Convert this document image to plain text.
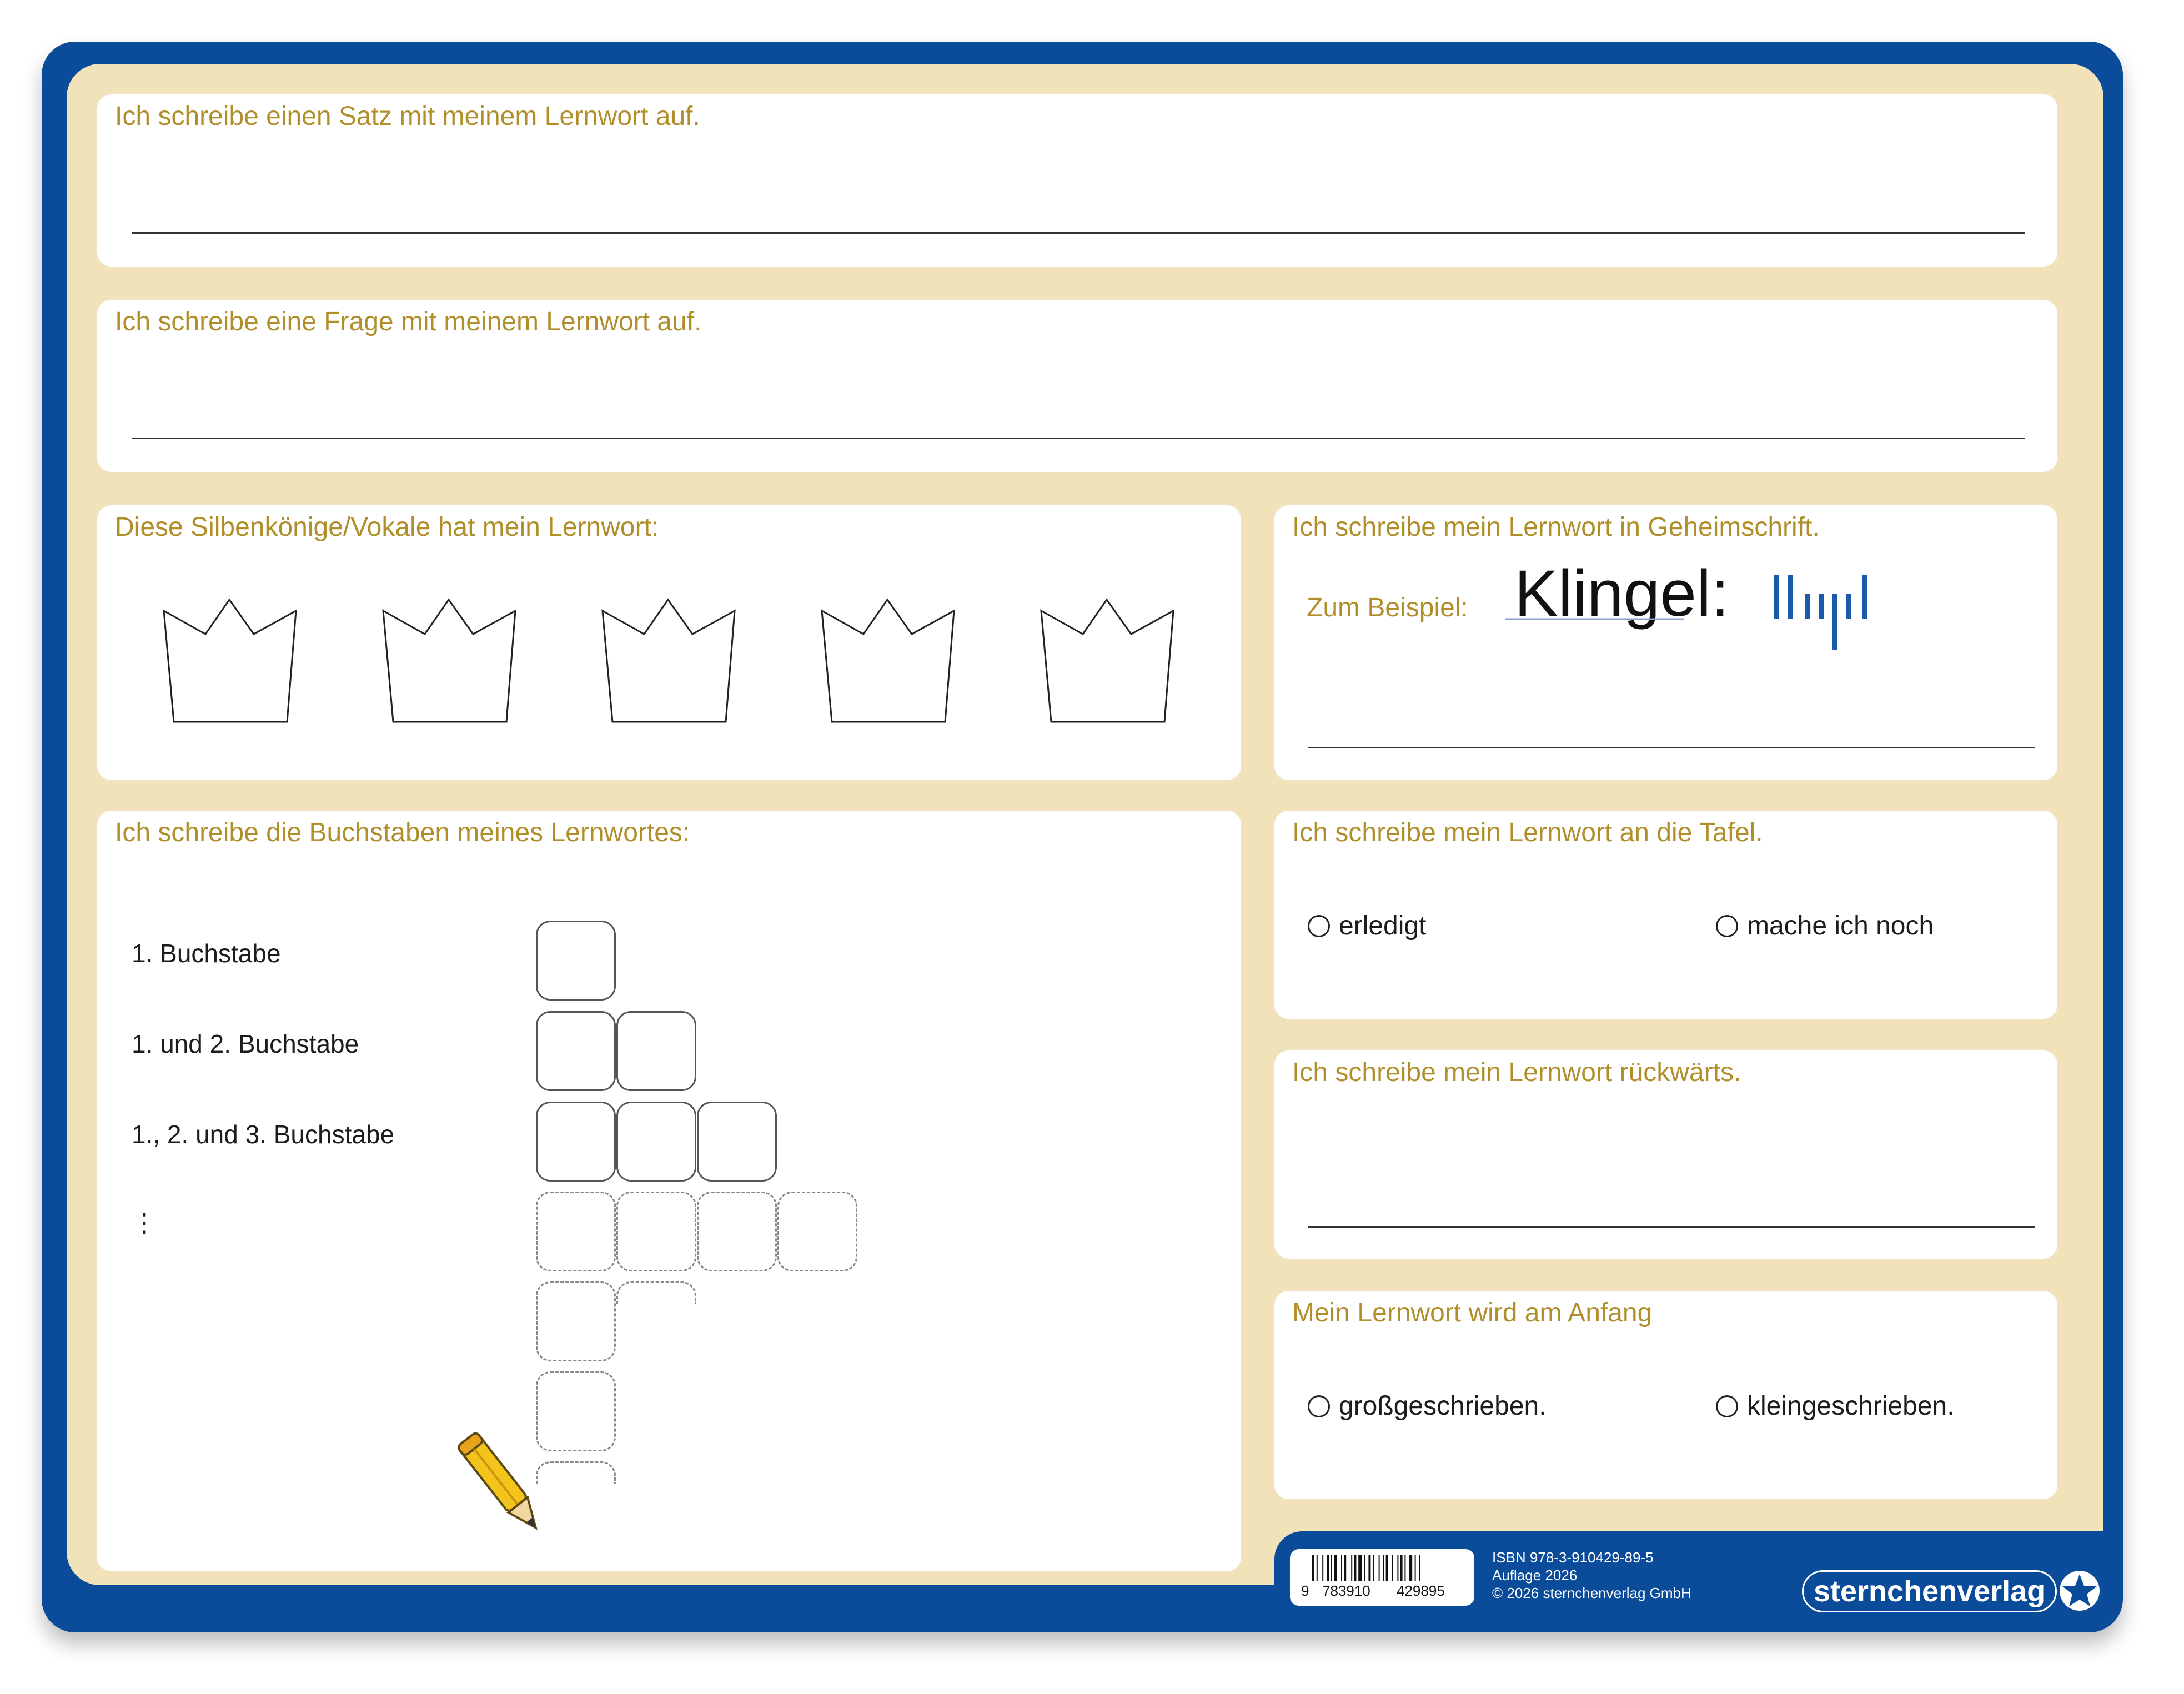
Ich schreibe einen Satz mit meinem Lernwort auf.
Ich schreibe eine Frage mit meinem Lernwort auf.
Diese Silbenkönige/Vokale hat mein Lernwort:	Ich schreibe mein Lernwort in Geheimschrift.
Zum Beispiel: Klingel:
Ich schreibe die Buchstaben meines Lernwortes:
1. Buchstabe
1. und 2. Buchstabe
1., 2. und 3. Buchstabe
⋮
Ich schreibe mein Lernwort an die Tafel.
erledigt	mache ich noch
Ich schreibe mein Lernwort rückwärts.
Mein Lernwort wird am Anfang
großgeschrieben.	kleingeschrieben.
9 783910 429895
ISBN 978-3-910429-89-5
Auflage 2026
© 2026 sternchenverlag GmbH	sternchenverlag
